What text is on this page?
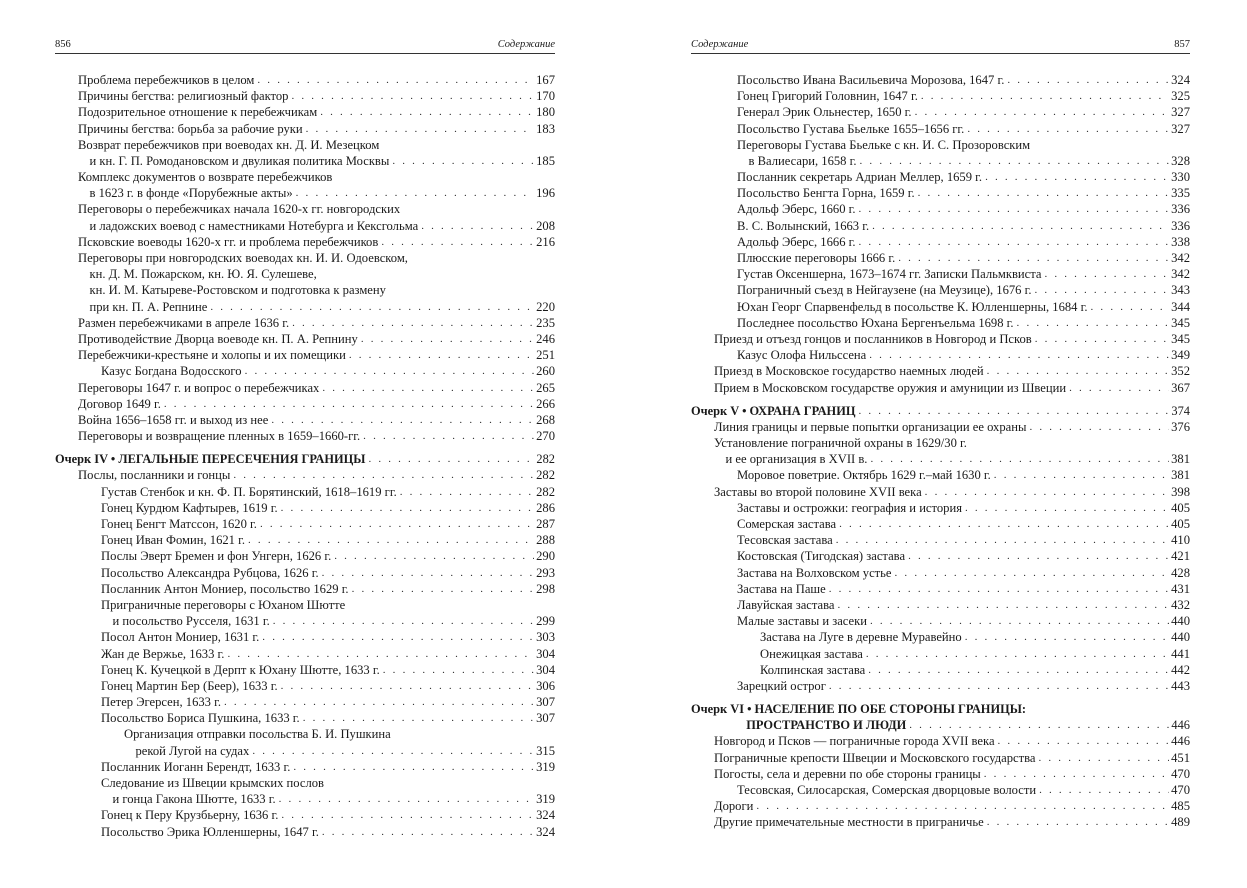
856	Содержание
Проблема перебежчиков в целом . . .	167
Причины бегства: религиозный фактор . . .	170
Подозрительное отношение к перебежчикам . . .	180
Причины бегства: борьба за рабочие руки . . .	183
Возврат перебежчиков при воеводах кн. Д. И. Мезецком
и кн. Г. П. Ромодановском и двуликая политика Москвы . . .	185
Комплекс документов о возврате перебежчиков
в 1623 г. в фонде «Порубежные акты» . . .	196
Переговоры о перебежчиках начала 1620-х гг. новгородских
и ладожских воевод с наместниками Нотебурга и Кексгольма . . .	208
Псковские воеводы 1620-х гг. и проблема перебежчиков . . .	216
Переговоры при новгородских воеводах кн. И. И. Одоевском,
кн. Д. М. Пожарском, кн. Ю. Я. Сулешеве,
кн. И. М. Катыреве-Ростовском и подготовка к размену
при кн. П. А. Репнине . . .	220
Размен перебежчиками в апреле 1636 г. . . .	235
Противодействие Дворца воеводе кн. П. А. Репнину . . .	246
Перебежчики-крестьяне и холопы и их помещики . . .	251
Казус Богдана Водосского . . .	260
Переговоры 1647 г. и вопрос о перебежчиках . . .	265
Договор 1649 г. . . .	266
Война 1656–1658 гг. и выход из нее . . .	268
Переговоры и возвращение пленных в 1659–1660-гг. . . .	270
Очерк IV • ЛЕГАЛЬНЫЕ ПЕРЕСЕЧЕНИЯ ГРАНИЦЫ . . .	282
Послы, посланники и гонцы . . .	282
Густав Стенбок и кн. Ф. П. Борятинский, 1618–1619 гг. . . .	282
Гонец Курдюм Кафтырев, 1619 г. . . .	286
Гонец Бенгт Матссон, 1620 г. . . .	287
Гонец Иван Фомин, 1621 г. . . .	288
Послы Эверт Бремен и фон Унгерн, 1626 г. . . .	290
Посольство Александра Рубцова, 1626 г. . . .	293
Посланник Антон Мониер, посольство 1629 г. . . .	298
Приграничные переговоры с Юханом Шютте
и посольство Русселя, 1631 г. . . .	299
Посол Антон Мониер, 1631 г. . . .	303
Жан де Вержье, 1633 г. . . .	304
Гонец К. Кучецкой в Дерпт к Юхану Шютте, 1633 г. . . .	304
Гонец Мартин Бер (Беер), 1633 г. . . .	306
Петер Эгерсен, 1633 г. . . .	307
Посольство Бориса Пушкина, 1633 г. . . .	307
Организация отправки посольства Б. И. Пушкина
рекой Лугой на судах . . .	315
Посланник Иоганн Берендт, 1633 г. . . .	319
Следование из Швеции крымских послов
и гонца Гакона Шютте, 1633 г. . . .	319
Гонец к Перу Крузбьерну, 1636 г. . . .	324
Посольство Эрика Юлленшерны, 1647 г. . . .	324
Содержание	857
Посольство Ивана Васильевича Морозова, 1647 г. . . .	324
Гонец Григорий Головнин, 1647 г. . . .	325
Генерал Эрик Ольнестер, 1650 г. . . .	327
Посольство Густава Бьельке 1655–1656 гг. . . .	327
Переговоры Густава Бьельке с кн. И. С. Прозоровским
в Валиесари, 1658 г. . . .	328
Посланник секретарь Адриан Меллер, 1659 г. . . .	330
Посольство Бенгта Горна, 1659 г. . . .	335
Адольф Эберс, 1660 г. . . .	336
В. С. Волынский, 1663 г. . . .	336
Адольф Эберс, 1666 г. . . .	338
Плюсские переговоры 1666 г. . . .	342
Густав Оксеншерна, 1673–1674 гг. Записки Пальмквиста . . .	342
Пограничный съезд в Нейгаузене (на Меузице), 1676 г. . . .	343
Юхан Георг Спарвенфельд в посольстве К. Юлленшерны, 1684 г. . . .	344
Последнее посольство Юхана Бергенъельма 1698 г. . . .	345
Приезд и отъезд гонцов и посланников в Новгород и Псков . . .	345
Казус Олофа Нильссена . . .	349
Приезд в Московское государство наемных людей . . .	352
Прием в Московском государстве оружия и амуниции из Швеции . . .	367
Очерк V • ОХРАНА ГРАНИЦ . . .	374
Линия границы и первые попытки организации ее охраны . . .	376
Установление пограничной охраны в 1629/30 г.
и ее организация в XVII в. . . .	381
Моровое поветрие. Октябрь 1629 г.–май 1630 г. . . .	381
Заставы во второй половине XVII века . . .	398
Заставы и острожки: география и история . . .	405
Сомерская застава . . .	405
Тесовская застава . . .	410
Костовская (Тигодская) застава . . .	421
Застава на Волховском устье . . .	428
Застава на Паше . . .	431
Лавуйская застава . . .	432
Малые заставы и засеки . . .	440
Застава на Луге в деревне Муравейно . . .	440
Онежицкая застава . . .	441
Колпинская застава . . .	442
Зарецкий острог . . .	443
Очерк VI • НАСЕЛЕНИЕ ПО ОБЕ СТОРОНЫ ГРАНИЦЫ:
ПРОСТРАНСТВО И ЛЮДИ . . .	446
Новгород и Псков — пограничные города XVII века . . .	446
Пограничные крепости Швеции и Московского государства . . .	451
Погосты, села и деревни по обе стороны границы . . .	470
Тесовская, Силосарская, Сомерская дворцовые волости . . .	470
Дороги . . .	485
Другие примечательные местности в приграничье . . .	489
